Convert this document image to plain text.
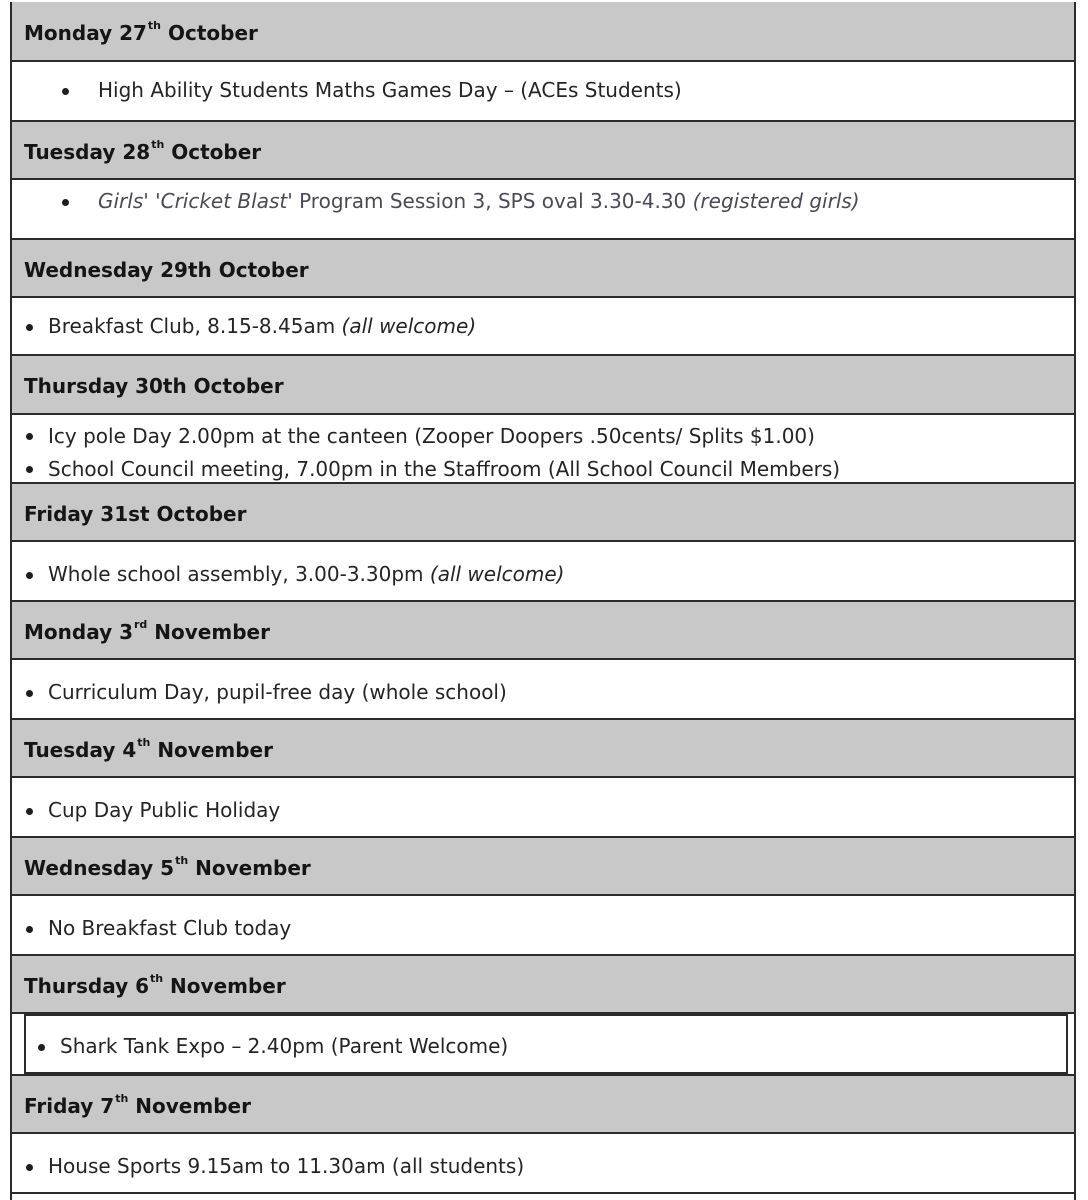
Monday 27th October
High Ability Students Maths Games Day – (ACEs Students)
Tuesday 28th October
Girls' 'Cricket Blast' Program Session 3, SPS oval 3.30-4.30 (registered girls)
Wednesday 29th October
Breakfast Club, 8.15-8.45am (all welcome)
Thursday 30th October
Icy pole Day 2.00pm at the canteen (Zooper Doopers .50cents/ Splits $1.00)
School Council meeting, 7.00pm in the Staffroom (All School Council Members)
Friday 31st October
Whole school assembly, 3.00-3.30pm (all welcome)
Monday 3rd November
Curriculum Day, pupil-free day (whole school)
Tuesday 4th November
Cup Day Public Holiday
Wednesday 5th November
No Breakfast Club today
Thursday 6th November
Shark Tank Expo – 2.40pm (Parent Welcome)
Friday 7th November
House Sports 9.15am to 11.30am (all students)
